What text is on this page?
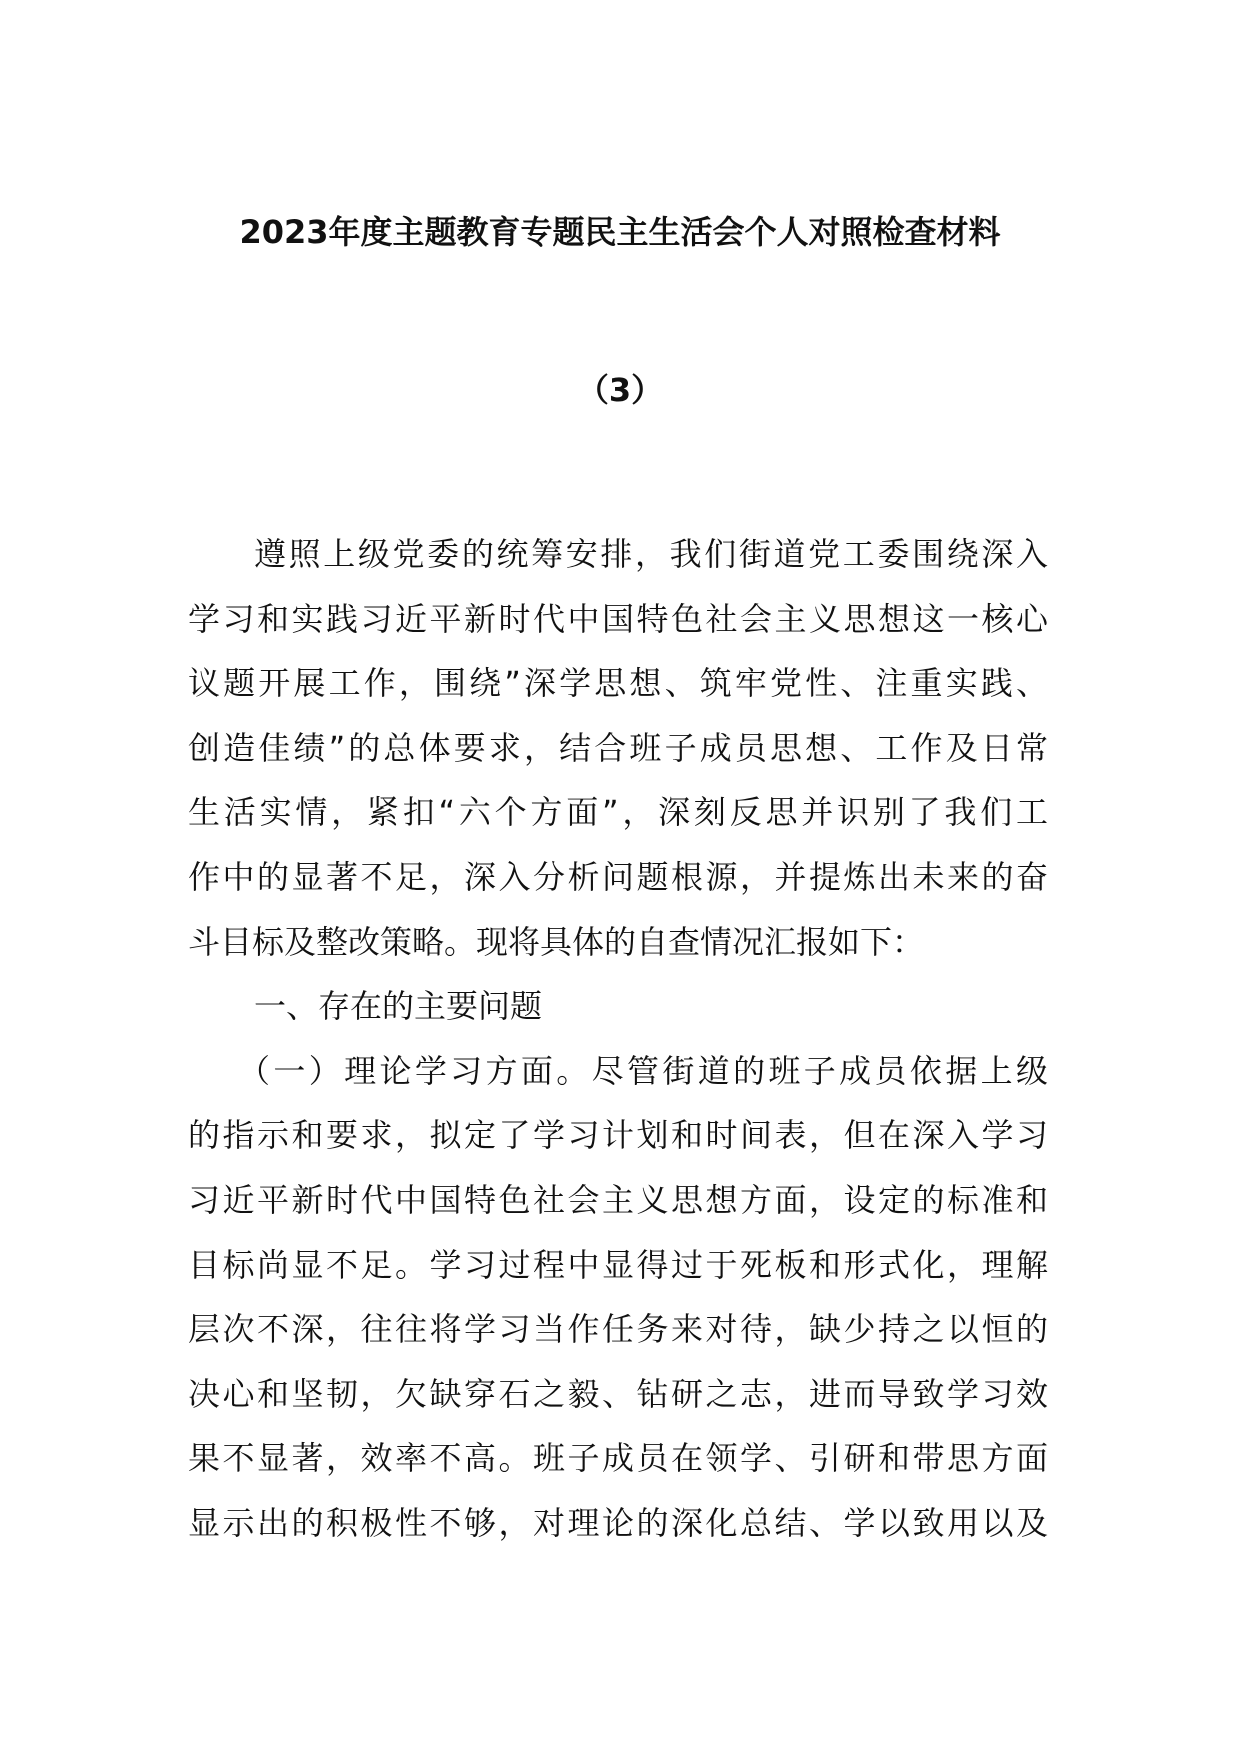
2023年度主题教育专题民主生活会个人对照检查材料
（3）
遵照上级党委的统筹安排，我们街道党工委围绕深入
学习和实践习近平新时代中国特色社会主义思想这一核心
议题开展工作，围绕”深学思想、筑牢党性、注重实践、
创造佳绩”的总体要求，结合班子成员思想、工作及日常
生活实情，紧扣“六个方面”，深刻反思并识别了我们工
作中的显著不足，深入分析问题根源，并提炼出未来的奋
斗目标及整改策略。现将具体的自查情况汇报如下：
一、存在的主要问题
（一）理论学习方面。尽管街道的班子成员依据上级
的指示和要求，拟定了学习计划和时间表，但在深入学习
习近平新时代中国特色社会主义思想方面，设定的标准和
目标尚显不足。学习过程中显得过于死板和形式化，理解
层次不深，往往将学习当作任务来对待，缺少持之以恒的
决心和坚韧，欠缺穿石之毅、钻研之志，进而导致学习效
果不显著，效率不高。班子成员在领学、引研和带思方面
显示出的积极性不够，对理论的深化总结、学以致用以及
